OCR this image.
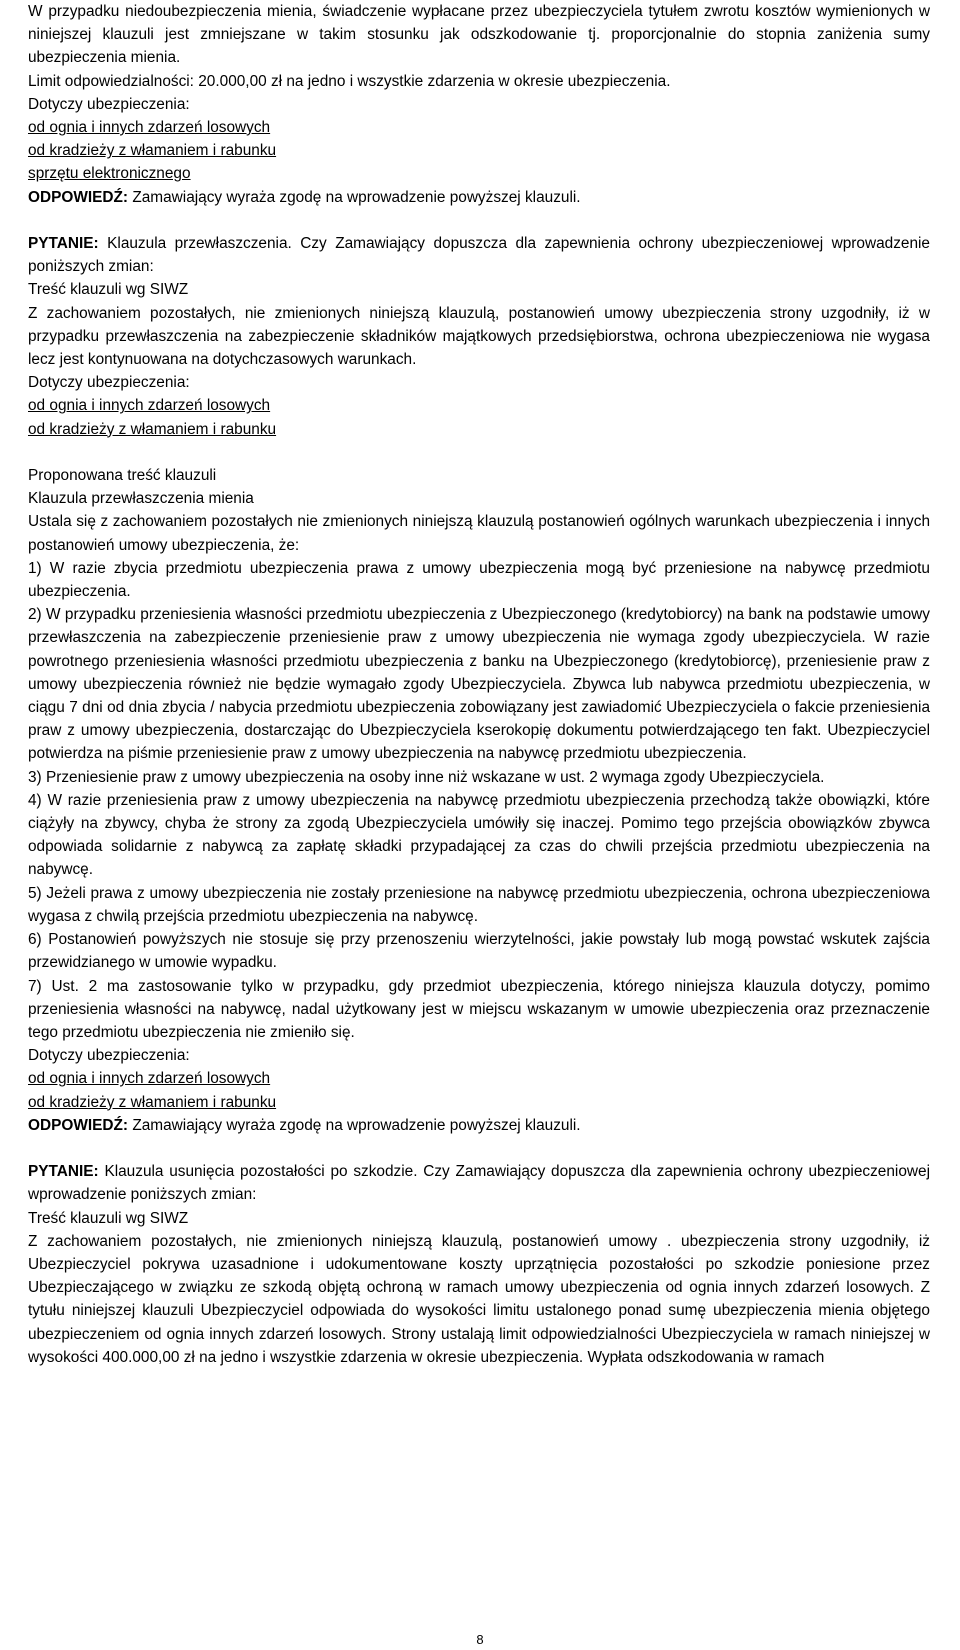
W przypadku niedoubezpieczenia mienia, świadczenie wypłacane przez ubezpieczyciela tytułem zwrotu kosztów wymienionych w niniejszej klauzuli jest zmniejszane w takim stosunku jak odszkodowanie tj. proporcjonalnie do stopnia zaniżenia sumy ubezpieczenia mienia.
Limit odpowiedzialności: 20.000,00 zł na jedno i wszystkie zdarzenia w okresie ubezpieczenia.
Dotyczy ubezpieczenia:
od ognia i innych zdarzeń losowych
od kradzieży z włamaniem i rabunku
sprzętu elektronicznego
ODPOWIEDŹ: Zamawiający wyraża zgodę na wprowadzenie powyższej klauzuli.
PYTANIE: Klauzula przewłaszczenia. Czy Zamawiający dopuszcza dla zapewnienia ochrony ubezpieczeniowej wprowadzenie poniższych zmian:
Treść klauzuli wg SIWZ
Z zachowaniem pozostałych, nie zmienionych niniejszą klauzulą, postanowień umowy ubezpieczenia strony uzgodniły, iż w przypadku przewłaszczenia na zabezpieczenie składników majątkowych przedsiębiorstwa, ochrona ubezpieczeniowa nie wygasa lecz jest kontynuowana na dotychczasowych warunkach.
Dotyczy ubezpieczenia:
od ognia i innych zdarzeń losowych
od kradzieży z włamaniem i rabunku
Proponowana treść klauzuli
Klauzula przewłaszczenia mienia
Ustala się z zachowaniem pozostałych nie zmienionych niniejszą klauzulą postanowień ogólnych warunkach ubezpieczenia i innych postanowień umowy ubezpieczenia, że:
1) W razie zbycia przedmiotu ubezpieczenia prawa z umowy ubezpieczenia mogą być przeniesione na nabywcę przedmiotu ubezpieczenia.
2) W przypadku przeniesienia własności przedmiotu ubezpieczenia z Ubezpieczonego (kredytobiorcy) na bank na podstawie umowy przewłaszczenia na zabezpieczenie przeniesienie praw z umowy ubezpieczenia nie wymaga zgody ubezpieczyciela. W razie powrotnego przeniesienia własności przedmiotu ubezpieczenia z banku na Ubezpieczonego (kredytobiorcę), przeniesienie praw z umowy ubezpieczenia również nie będzie wymagało zgody Ubezpieczyciela. Zbywca lub nabywca przedmiotu ubezpieczenia, w ciągu 7 dni od dnia zbycia / nabycia przedmiotu ubezpieczenia zobowiązany jest zawiadomić Ubezpieczyciela o fakcie przeniesienia praw z umowy ubezpieczenia, dostarczając do Ubezpieczyciela kserokopię dokumentu potwierdzającego ten fakt. Ubezpieczyciel potwierdza na piśmie przeniesienie praw z umowy ubezpieczenia na nabywcę przedmiotu ubezpieczenia.
3) Przeniesienie praw z umowy ubezpieczenia na osoby inne niż wskazane w ust. 2 wymaga zgody Ubezpieczyciela.
4) W razie przeniesienia praw z umowy ubezpieczenia na nabywcę przedmiotu ubezpieczenia przechodzą także obowiązki, które ciążyły na zbywcy, chyba że strony za zgodą Ubezpieczyciela umówiły się inaczej. Pomimo tego przejścia obowiązków zbywca odpowiada solidarnie z nabywcą za zapłatę składki przypadającej za czas do chwili przejścia przedmiotu ubezpieczenia na nabywcę.
5) Jeżeli prawa z umowy ubezpieczenia nie zostały przeniesione na nabywcę przedmiotu ubezpieczenia, ochrona ubezpieczeniowa wygasa z chwilą przejścia przedmiotu ubezpieczenia na nabywcę.
6) Postanowień powyższych nie stosuje się przy przenoszeniu wierzytelności, jakie powstały lub mogą powstać wskutek zajścia przewidzianego w umowie wypadku.
7) Ust. 2 ma zastosowanie tylko w przypadku, gdy przedmiot ubezpieczenia, którego niniejsza klauzula dotyczy, pomimo przeniesienia własności na nabywcę, nadal użytkowany jest w miejscu wskazanym w umowie ubezpieczenia oraz przeznaczenie tego przedmiotu ubezpieczenia nie zmieniło się.
Dotyczy ubezpieczenia:
od ognia i innych zdarzeń losowych
od kradzieży z włamaniem i rabunku
ODPOWIEDŹ: Zamawiający wyraża zgodę na wprowadzenie powyższej klauzuli.
PYTANIE: Klauzula usunięcia pozostałości po szkodzie. Czy Zamawiający dopuszcza dla zapewnienia ochrony ubezpieczeniowej wprowadzenie poniższych zmian:
Treść klauzuli wg SIWZ
Z zachowaniem pozostałych, nie zmienionych niniejszą klauzulą, postanowień umowy . ubezpieczenia strony uzgodniły, iż Ubezpieczyciel pokrywa uzasadnione i udokumentowane koszty uprzątnięcia pozostałości po szkodzie poniesione przez Ubezpieczającego w związku ze szkodą objętą ochroną w ramach umowy ubezpieczenia od ognia innych zdarzeń losowych. Z tytułu niniejszej klauzuli Ubezpieczyciel odpowiada do wysokości limitu ustalonego ponad sumę ubezpieczenia mienia objętego ubezpieczeniem od ognia innych zdarzeń losowych. Strony ustalają limit odpowiedzialności Ubezpieczyciela w ramach niniejszej w wysokości 400.000,00 zł na jedno i wszystkie zdarzenia w okresie ubezpieczenia. Wypłata odszkodowania w ramach
8
